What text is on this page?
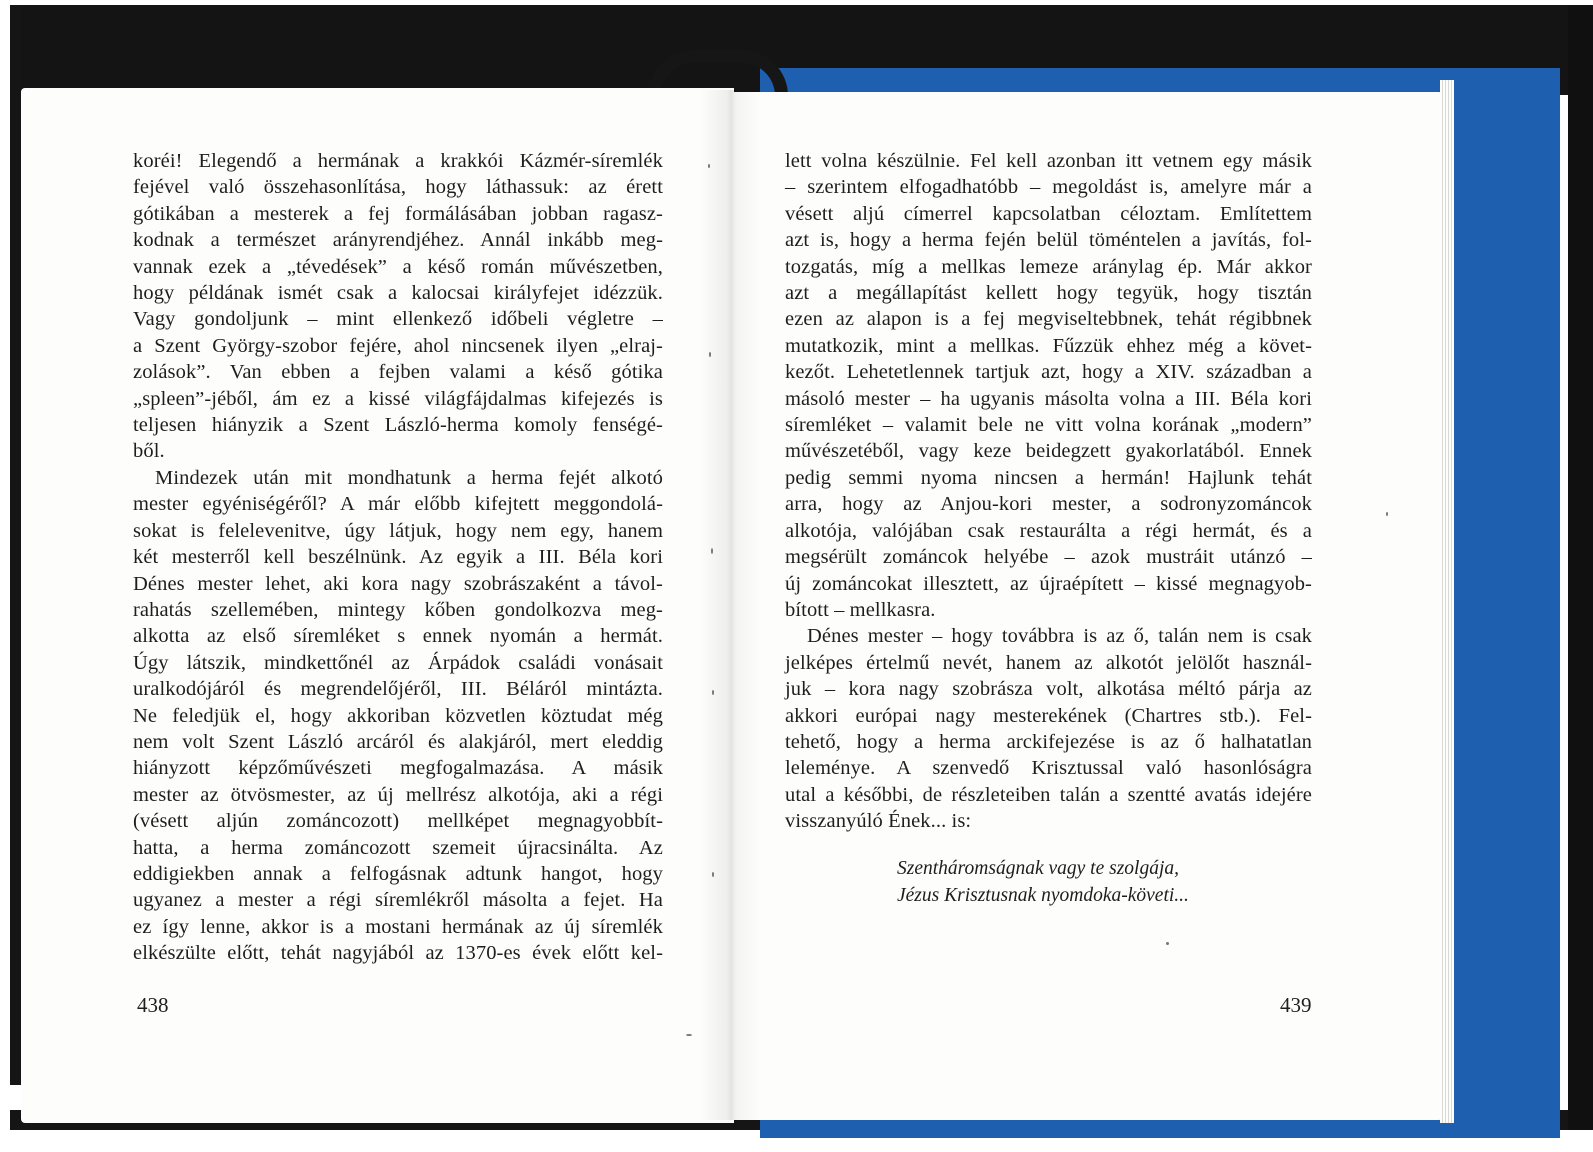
koréi! Elegendő a hermának a krakkói Kázmér-síremlék
fejével való összehasonlítása, hogy láthassuk: az érett
gótikában a mesterek a fej formálásában jobban ragasz-
kodnak a természet arányrendjéhez. Annál inkább meg-
vannak ezek a „tévedések” a késő román művészetben,
hogy példának ismét csak a kalocsai királyfejet idézzük.
Vagy gondoljunk – mint ellenkező időbeli végletre –
a Szent György-szobor fejére, ahol nincsenek ilyen „elraj-
zolások”. Van ebben a fejben valami a késő gótika
„spleen”-jéből, ám ez a kissé világfájdalmas kifejezés is
teljesen hiányzik a Szent László-herma komoly fenségé-
ből.
Mindezek után mit mondhatunk a herma fejét alkotó
mester egyéniségéről? A már előbb kifejtett meggondolá-
sokat is felelevenitve, úgy látjuk, hogy nem egy, hanem
két mesterről kell beszélnünk. Az egyik a III. Béla kori
Dénes mester lehet, aki kora nagy szobrászaként a távol-
rahatás szellemében, mintegy kőben gondolkozva meg-
alkotta az első síremléket s ennek nyomán a hermát.
Úgy látszik, mindkettőnél az Árpádok családi vonásait
uralkodójáról és megrendelőjéről, III. Béláról mintázta.
Ne feledjük el, hogy akkoriban közvetlen köztudat még
nem volt Szent László arcáról és alakjáról, mert eleddig
hiányzott képzőművészeti megfogalmazása. A másik
mester az ötvösmester, az új mellrész alkotója, aki a régi
(vésett aljún zománcozott) mellképet megnagyobbít-
hatta, a herma zománcozott szemeit újracsinálta. Az
eddigiekben annak a felfogásnak adtunk hangot, hogy
ugyanez a mester a régi síremlékről másolta a fejet. Ha
ez így lenne, akkor is a mostani hermának az új síremlék
elkészülte előtt, tehát nagyjából az 1370-es évek előtt kel-
lett volna készülnie. Fel kell azonban itt vetnem egy másik
– szerintem elfogadhatóbb – megoldást is, amelyre már a
vésett aljú címerrel kapcsolatban céloztam. Említettem
azt is, hogy a herma fején belül töméntelen a javítás, fol-
tozgatás, míg a mellkas lemeze aránylag ép. Már akkor
azt a megállapítást kellett hogy tegyük, hogy tisztán
ezen az alapon is a fej megviseltebbnek, tehát régibbnek
mutatkozik, mint a mellkas. Fűzzük ehhez még a követ-
kezőt. Lehetetlennek tartjuk azt, hogy a XIV. században a
másoló mester – ha ugyanis másolta volna a III. Béla kori
síremléket – valamit bele ne vitt volna korának „modern”
művészetéből, vagy keze beidegzett gyakorlatából. Ennek
pedig semmi nyoma nincsen a hermán! Hajlunk tehát
arra, hogy az Anjou-kori mester, a sodronyzománcok
alkotója, valójában csak restaurálta a régi hermát, és a
megsérült zománcok helyébe – azok mustráit utánzó –
új zománcokat illesztett, az újraépített – kissé megnagyob-
bított – mellkasra.
Dénes mester – hogy továbbra is az ő, talán nem is csak
jelképes értelmű nevét, hanem az alkotót jelölőt használ-
juk – kora nagy szobrásza volt, alkotása méltó párja az
akkori európai nagy mesterekének (Chartres stb.). Fel-
tehető, hogy a herma arckifejezése is az ő halhatatlan
leleménye. A szenvedő Krisztussal való hasonlóságra
utal a későbbi, de részleteiben talán a szentté avatás idejére
visszanyúló Ének... is:
Szentháromságnak vagy te szolgája,
Jézus Krisztusnak nyomdoka-követi...
438	439
